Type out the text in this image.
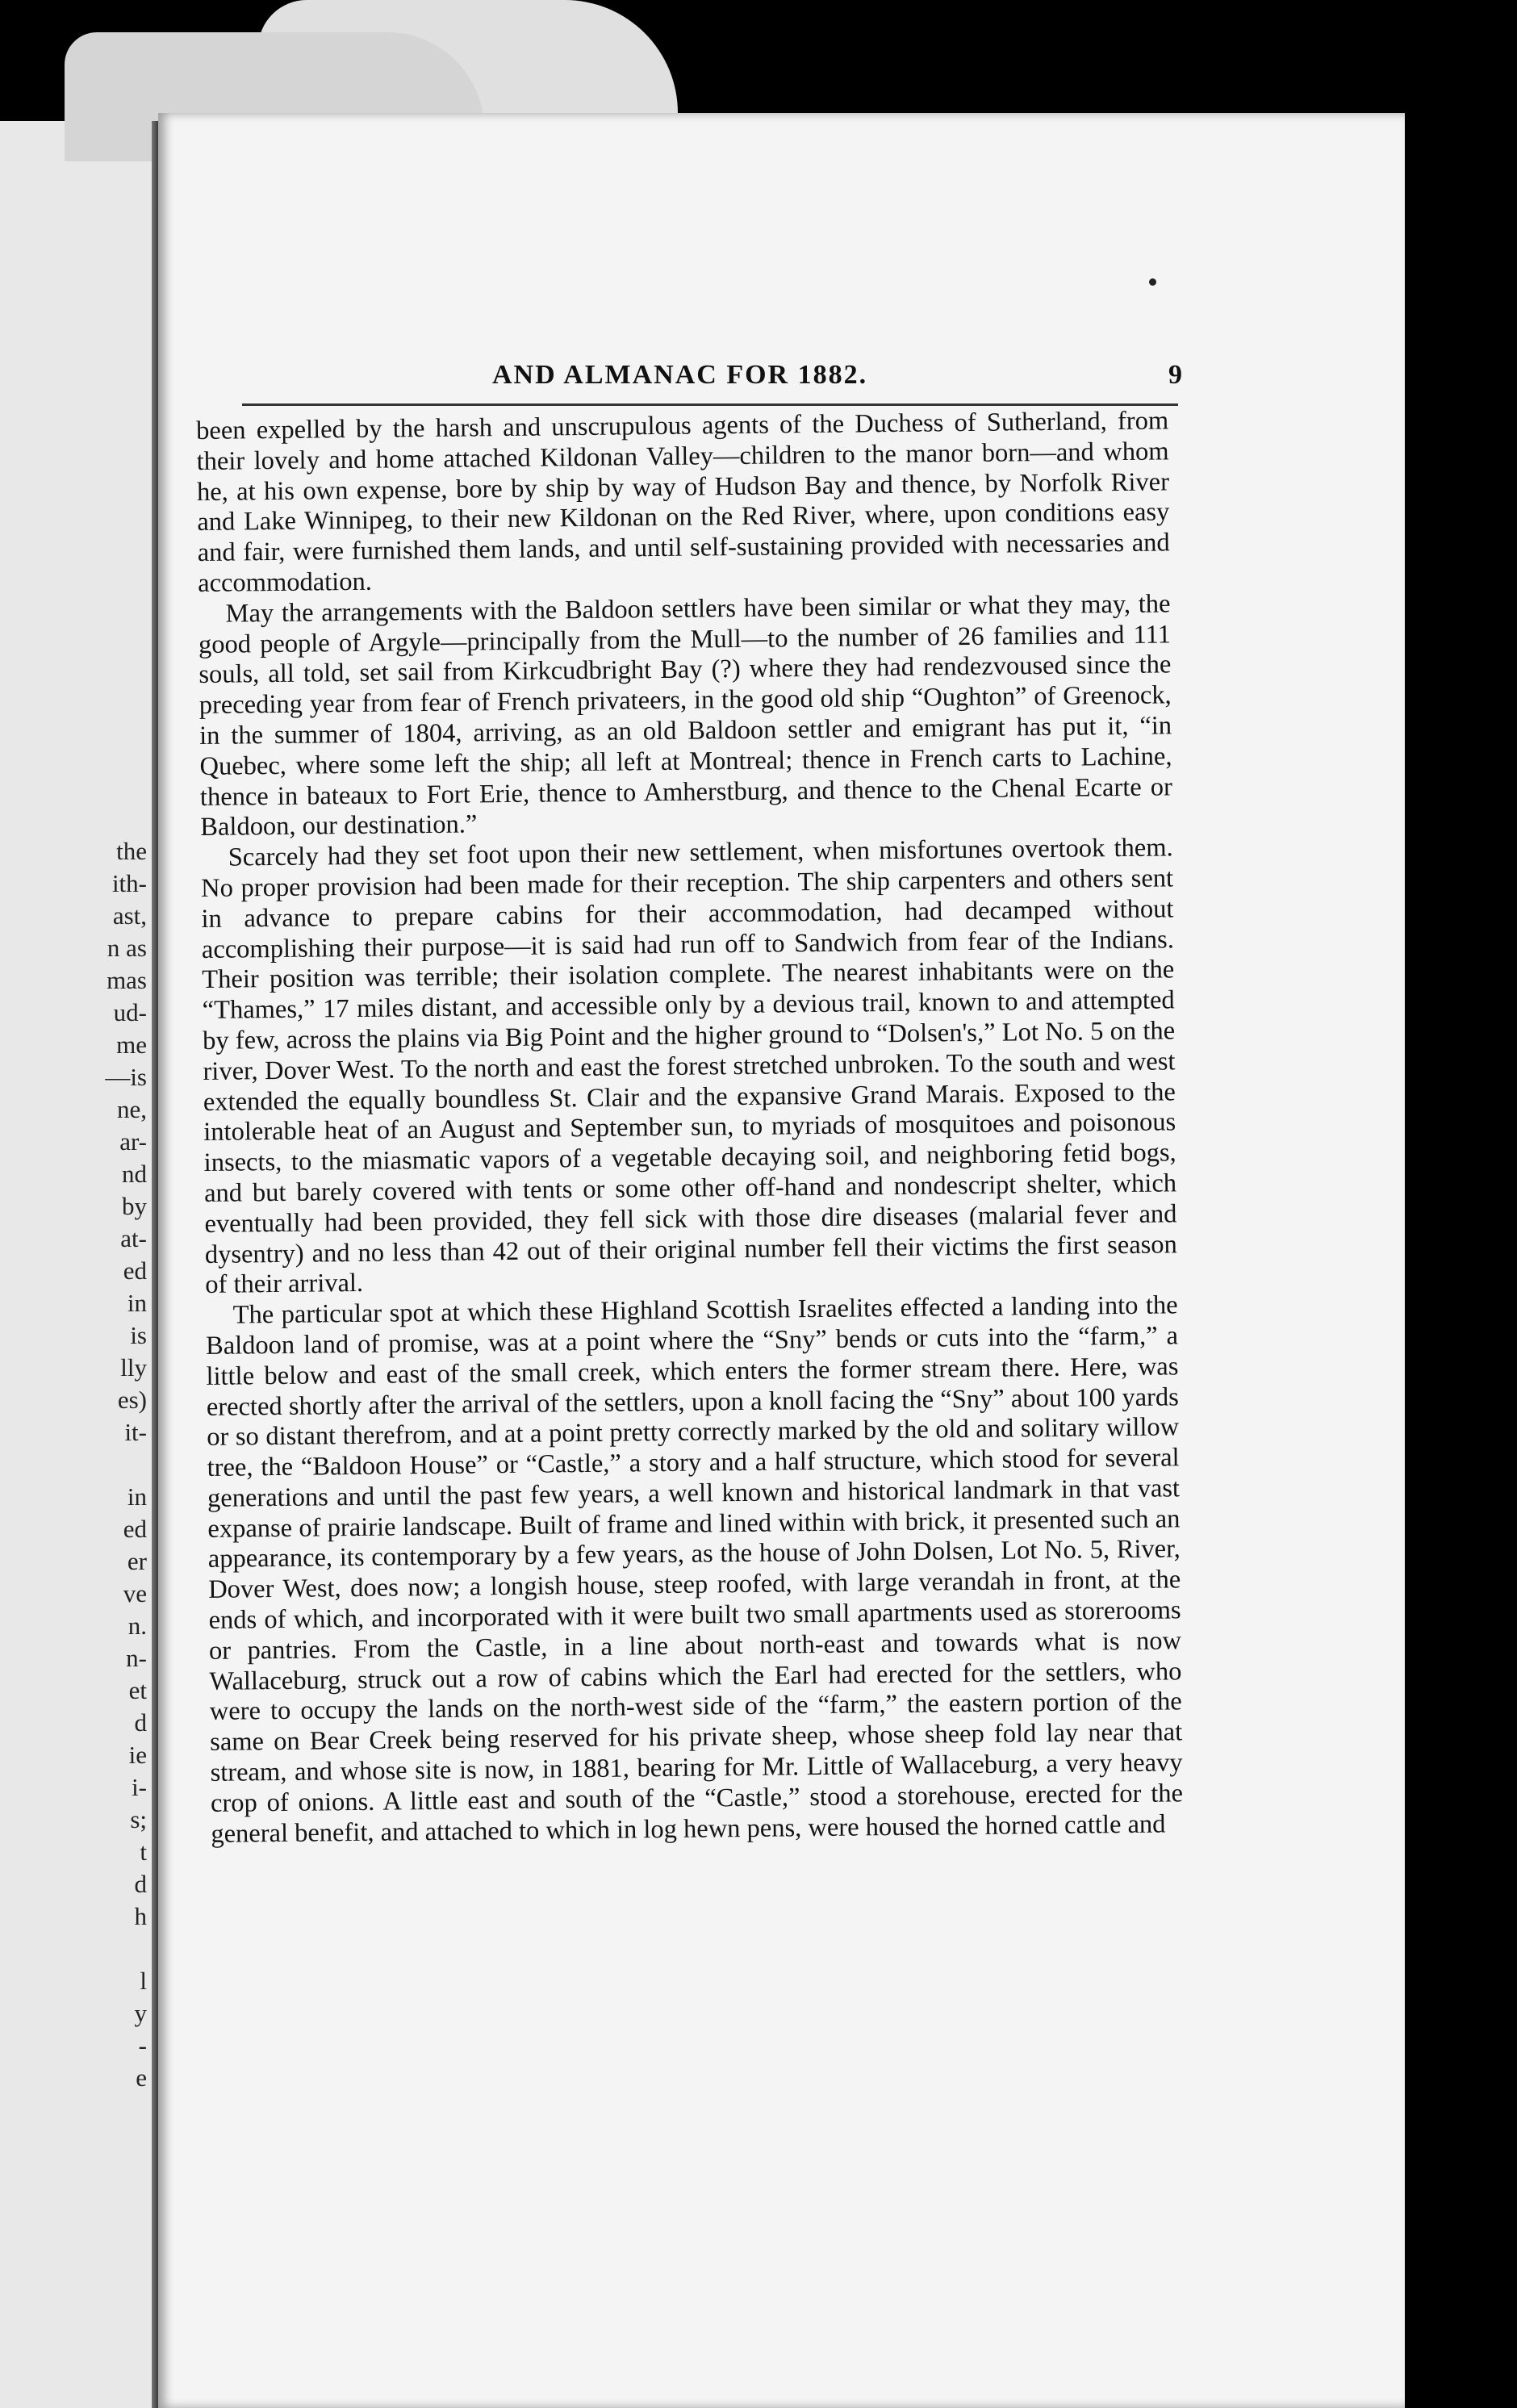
the
ith-
ast,
n as
mas
ud-
me
—is
ne,
ar-
nd
by
at-
ed
in
is
lly
es)
it-
in
ed
er
ve
n.
n-
et
d
ie
i-
s;
t
d
h
l
y
-
e
AND ALMANAC FOR 1882.	9

been expelled by the harsh and unscrupulous agents of the Duchess of Sutherland, from their lovely and home attached Kildonan Valley—children to the manor born—and whom he, at his own expense, bore by ship by way of Hudson Bay and thence, by Norfolk River and Lake Winnipeg, to their new Kildonan on the Red River, where, upon conditions easy and fair, were furnished them lands, and until self-sustaining provided with necessaries and accommodation.

May the arrangements with the Baldoon settlers have been similar or what they may, the good people of Argyle—principally from the Mull—to the number of 26 families and 111 souls, all told, set sail from Kirkcudbright Bay (?) where they had rendezvoused since the preceding year from fear of French privateers, in the good old ship “Oughton” of Greenock, in the summer of 1804, arriving, as an old Baldoon settler and emigrant has put it, “in Quebec, where some left the ship; all left at Montreal; thence in French carts to Lachine, thence in bateaux to Fort Erie, thence to Amherstburg, and thence to the Chenal Ecarte or Baldoon, our destination.”

Scarcely had they set foot upon their new settlement, when misfortunes overtook them. No proper provision had been made for their reception. The ship carpenters and others sent in advance to prepare cabins for their accommodation, had decamped without accomplishing their purpose—it is said had run off to Sandwich from fear of the Indians. Their position was terrible; their isolation complete. The nearest inhabitants were on the “Thames,” 17 miles distant, and accessible only by a devious trail, known to and attempted by few, across the plains via Big Point and the higher ground to “Dolsen's,” Lot No. 5 on the river, Dover West. To the north and east the forest stretched unbroken. To the south and west extended the equally boundless St. Clair and the expansive Grand Marais. Exposed to the intolerable heat of an August and September sun, to myriads of mosquitoes and poisonous insects, to the miasmatic vapors of a vegetable decaying soil, and neighboring fetid bogs, and but barely covered with tents or some other off-hand and nondescript shelter, which eventually had been provided, they fell sick with those dire diseases (malarial fever and dysentry) and no less than 42 out of their original number fell their victims the first season of their arrival.

The particular spot at which these Highland Scottish Israelites effected a landing into the Baldoon land of promise, was at a point where the “Sny” bends or cuts into the “farm,” a little below and east of the small creek, which enters the former stream there. Here, was erected shortly after the arrival of the settlers, upon a knoll facing the “Sny” about 100 yards or so distant therefrom, and at a point pretty correctly marked by the old and solitary willow tree, the “Baldoon House” or “Castle,” a story and a half structure, which stood for several generations and until the past few years, a well known and historical landmark in that vast expanse of prairie landscape. Built of frame and lined within with brick, it presented such an appearance, its contemporary by a few years, as the house of John Dolsen, Lot No. 5, River, Dover West, does now; a longish house, steep roofed, with large verandah in front, at the ends of which, and incorporated with it were built two small apartments used as storerooms or pantries. From the Castle, in a line about north-east and towards what is now Wallaceburg, struck out a row of cabins which the Earl had erected for the settlers, who were to occupy the lands on the north-west side of the “farm,” the eastern portion of the same on Bear Creek being reserved for his private sheep, whose sheep fold lay near that stream, and whose site is now, in 1881, bearing for Mr. Little of Wallaceburg, a very heavy crop of onions. A little east and south of the “Castle,” stood a storehouse, erected for the general benefit, and attached to which in log hewn pens, were housed the horned cattle and
